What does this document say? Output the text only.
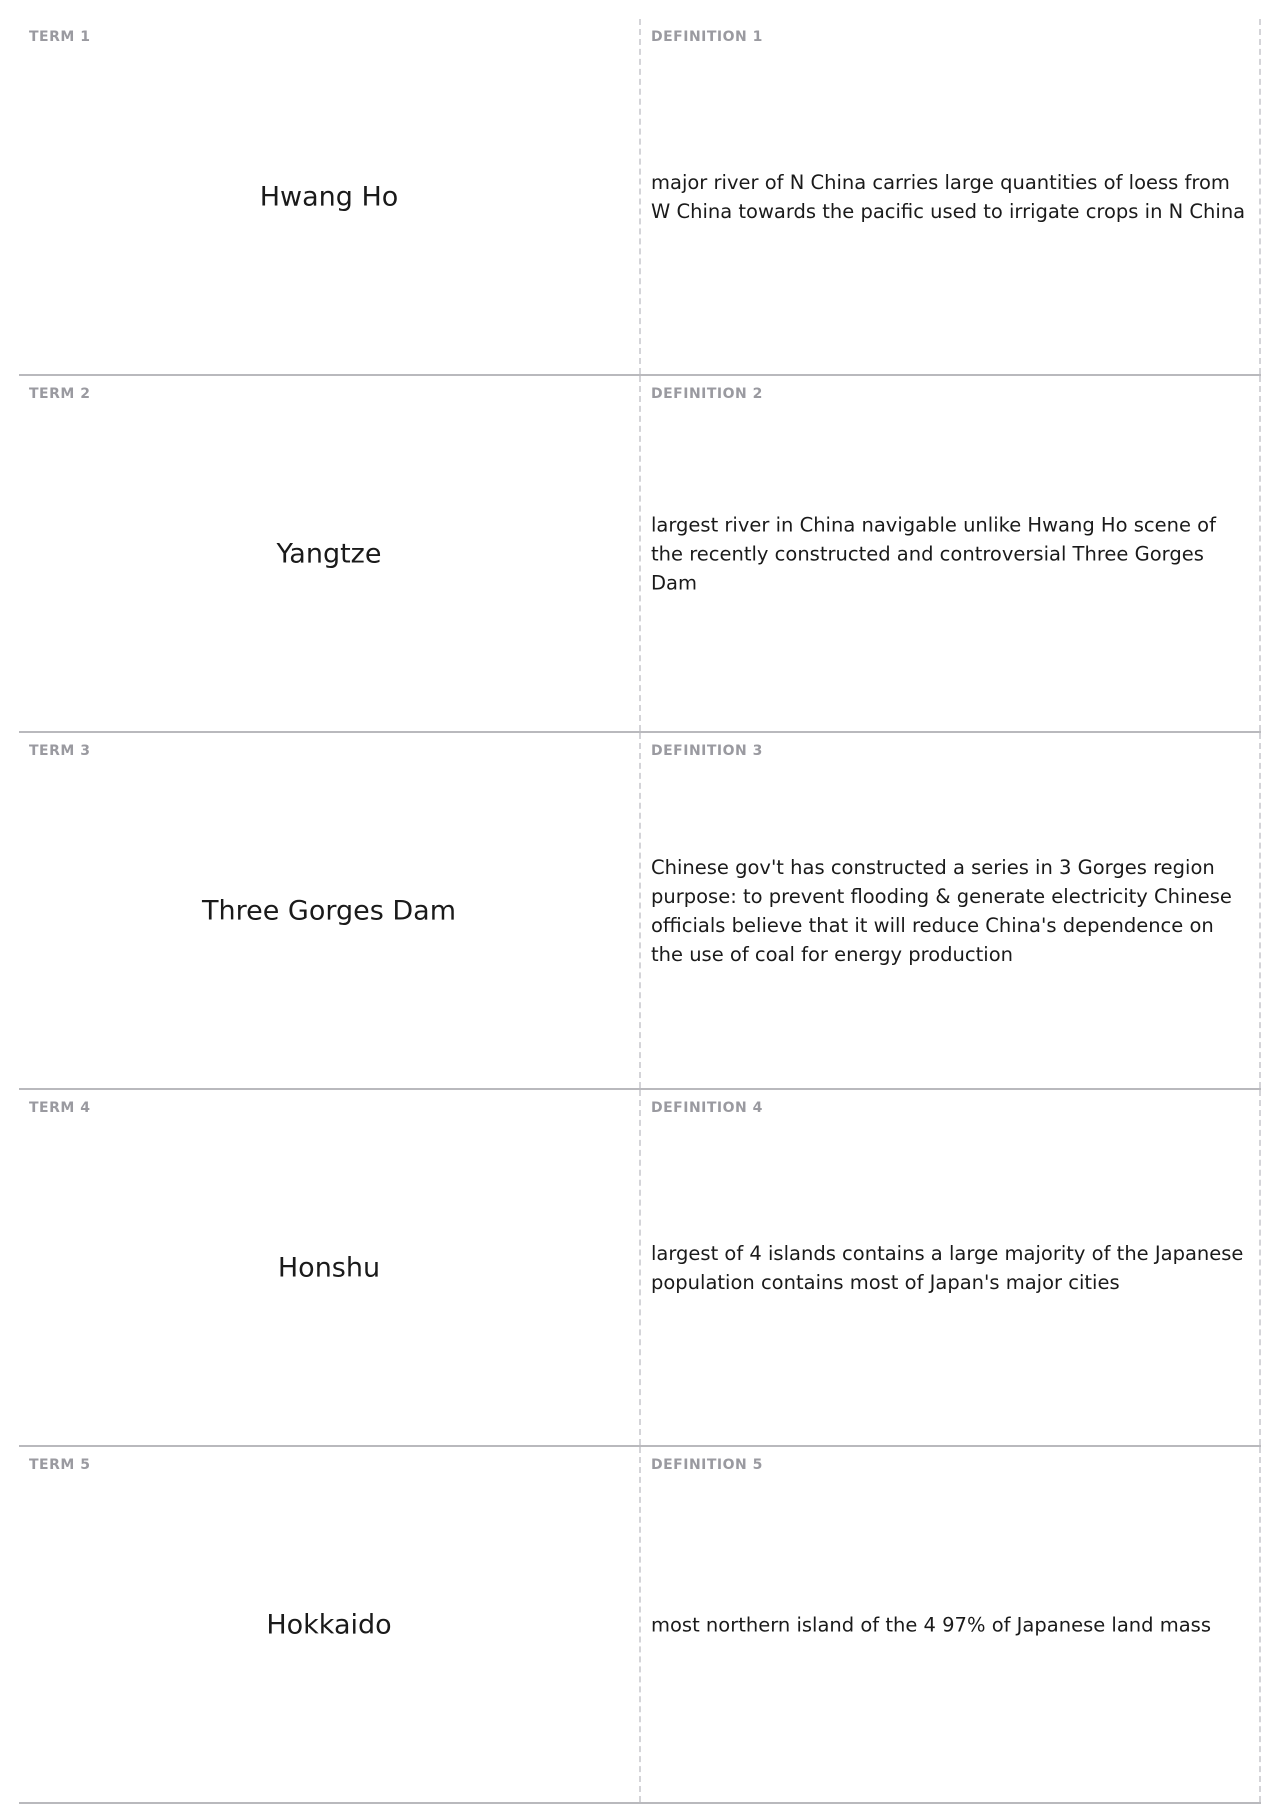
TERM 1
Hwang Ho
DEFINITION 1
major river of N China carries large quantities of loess from W China towards the pacific used to irrigate crops in N China
TERM 2
Yangtze
DEFINITION 2
largest river in China navigable unlike Hwang Ho scene of the recently constructed and controversial Three Gorges Dam
TERM 3
Three Gorges Dam
DEFINITION 3
Chinese gov't has constructed a series in 3 Gorges region purpose: to prevent flooding & generate electricity Chinese officials believe that it will reduce China's dependence on the use of coal for energy production
TERM 4
Honshu
DEFINITION 4
largest of 4 islands contains a large majority of the Japanese population contains most of Japan's major cities
TERM 5
Hokkaido
DEFINITION 5
most northern island of the 4 97% of Japanese land mass
